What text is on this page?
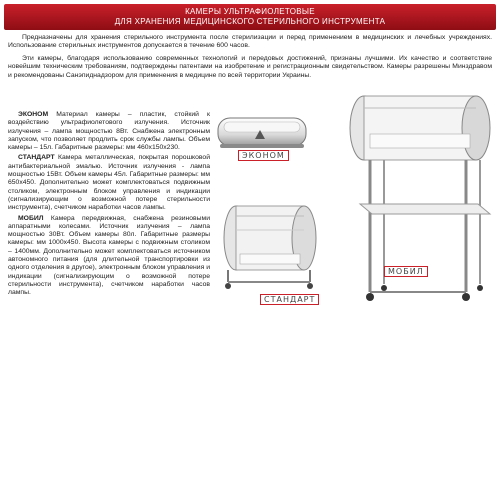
КАМЕРЫ УЛЬТРАФИОЛЕТОВЫЕ
ДЛЯ ХРАНЕНИЯ МЕДИЦИНСКОГО СТЕРИЛЬНОГО ИНСТРУМЕНТА

Предназначены для хранения стерильного инструмента после стерилизации и перед применением в медицинских и лечебных учреждениях. Использование стерильных инструментов допускается в течение 600 часов.

Эти камеры, благодаря использованию современных технологий и передовых достижений, признаны лучшими. Их качество и соответствие новейшим техническим требованиям, подтверждены патентами на изобретение и регистрационным свидетельством. Камеры разрешены Минздравом и рекомендованы Санэпиднадзором для применения в медицине по всей территории Украины.

ЭКОНОМ Материал камеры – пластик, стойкий к воздействию ультрафиолетового излучения. Источник излучения – лампа мощностью 8Вт. Снабжена электронным запуском, что позволяет продлить срок службы лампы. Объем камеры – 15л. Габаритные размеры: мм 460х150х230.

СТАНДАРТ Камера металлическая, покрытая порошковой антибактериальной эмалью. Источник излучения - лампа мощностью 15Вт. Объем камеры 45л. Габаритные размеры: мм 650х450. Дополнительно может комплектоваться подвижным столиком, электронным блоком управления и индикации (сигнализирующим о возможной потере стерильности инструмента), счетчиком наработки часов лампы.

МОБИЛ Камера передвижная, снабжена резиновыми аппаратными колесами. Источник излучения – лампа мощностью 30Вт. Объем камеры 80л. Габаритные размеры камеры: мм 1000х450. Высота камеры с подвижным столиком – 1400мм. Дополнительно может комплектоваться источником автономного питания (для длительной транспортировки из одного отделения в другое), электронным блоком управления и индикации (сигнализирующим о возможной потере стерильности инструмента), счетчиком наработки часов лампы.

ЭКОНОМ
СТАНДАРТ
МОБИЛ
